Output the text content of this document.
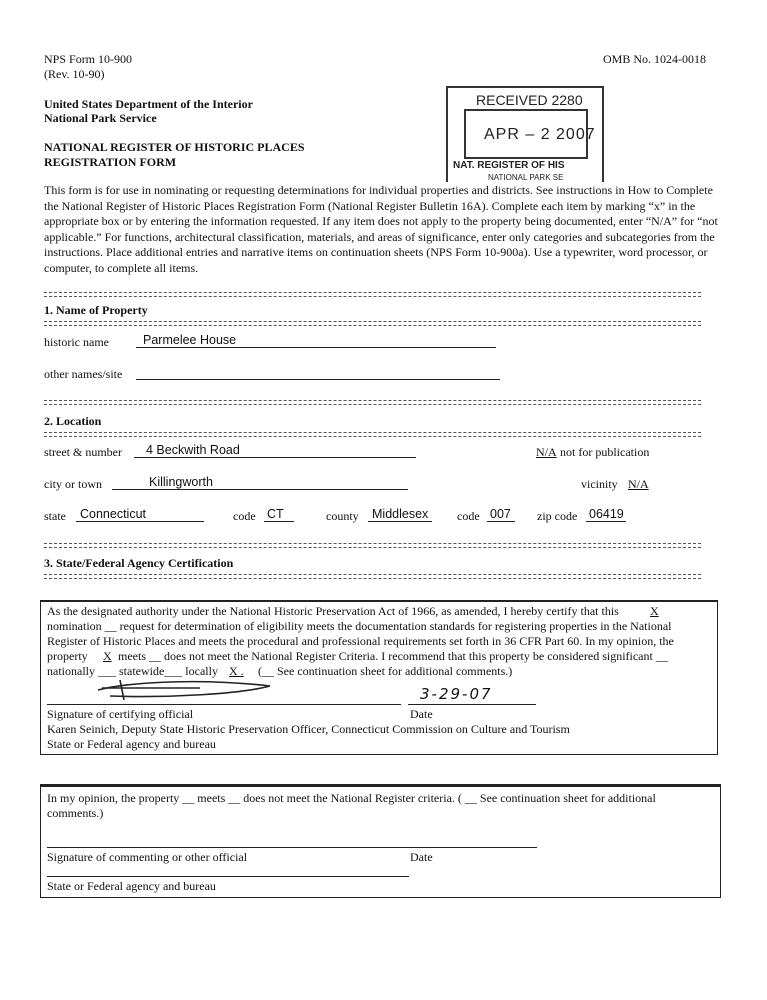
NPS Form 10-900
(Rev. 10-90)
OMB No. 1024-0018
United States Department of the Interior
National Park Service
NATIONAL REGISTER OF HISTORIC PLACES
REGISTRATION FORM
RECEIVED 2280
APR – 2 2007
NAT. REGISTER OF HIS
NATIONAL PARK SE
This form is for use in nominating or requesting determinations for individual properties and districts. See instructions in How to Complete the National Register of Historic Places Registration Form (National Register Bulletin 16A). Complete each item by marking “x” in the appropriate box or by entering the information requested. If any item does not apply to the property being documented, enter “N/A” for “not applicable.” For functions, architectural classification, materials, and areas of significance, enter only categories and subcategories from the instructions. Place additional entries and narrative items on continuation sheets (NPS Form 10-900a). Use a typewriter, word processor, or computer, to complete all items.
1. Name of Property
historic name	Parmelee House
other names/site
2. Location
street & number 4 Beckwith Road	N/A not for publication
city or town	Killingworth	vicinity N/A
state Connecticut	code CT	county Middlesex code 007 zip code 06419
3. State/Federal Agency Certification
As the designated authority under the National Historic Preservation Act of 1966, as amended, I hereby certify that this	X
nomination __ request for determination of eligibility meets the documentation standards for registering properties in the National
Register of Historic Places and meets the procedural and professional requirements set forth in 36 CFR Part 60. In my opinion, the
property X meets __ does not meet the National Register Criteria. I recommend that this property be considered significant __
nationally ___ statewide___ locally X . (__ See continuation sheet for additional comments.)
3-29-07
Signature of certifying official	Date
Karen Seinich, Deputy State Historic Preservation Officer, Connecticut Commission on Culture and Tourism
State or Federal agency and bureau
In my opinion, the property __ meets __ does not meet the National Register criteria. ( __ See continuation sheet for additional
comments.)
Signature of commenting or other official	Date
State or Federal agency and bureau
